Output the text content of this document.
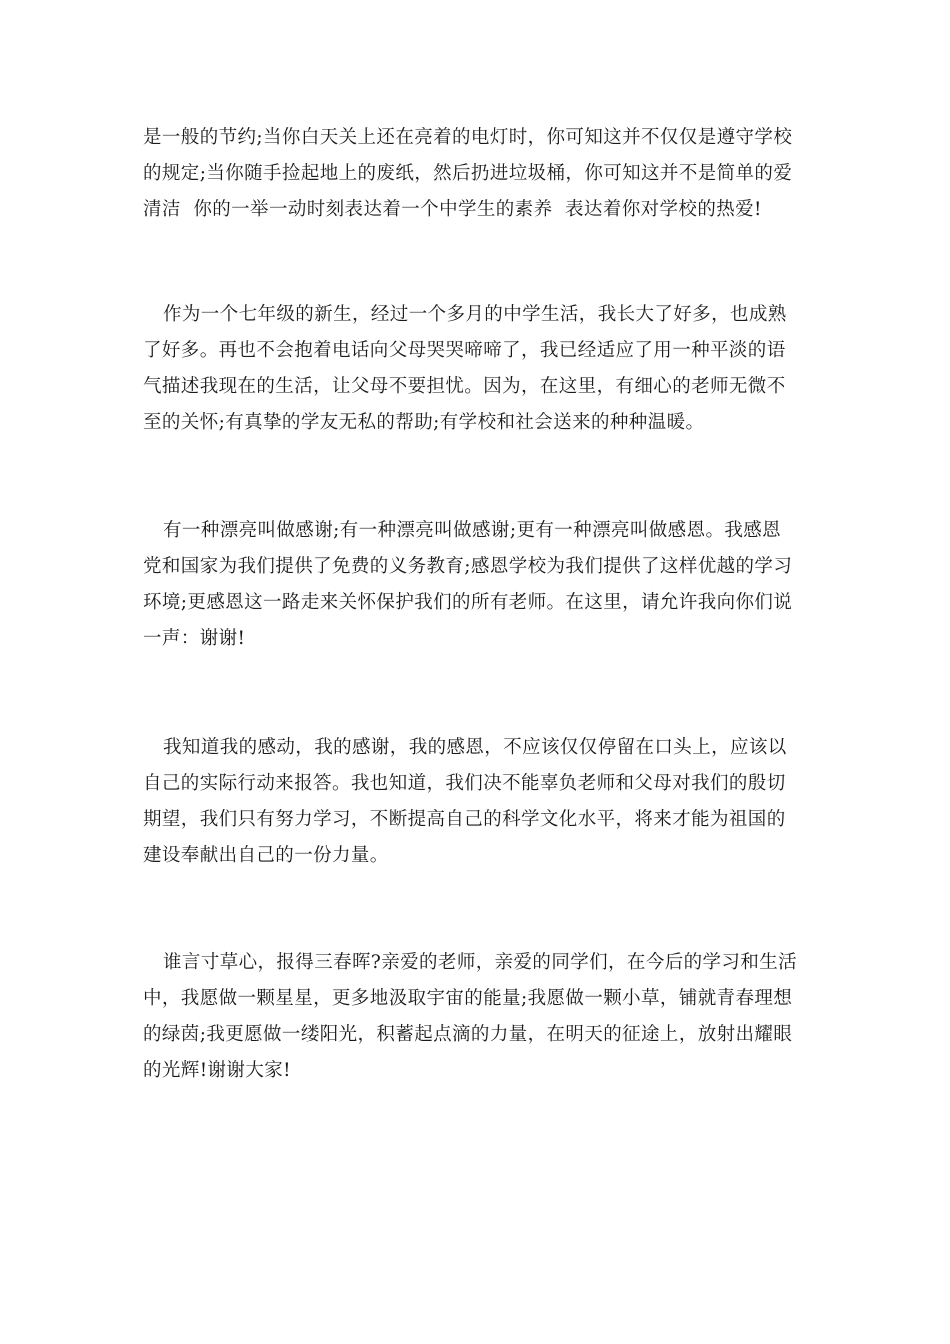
是一般的节约;当你白天关上还在亮着的电灯时，你可知这并不仅仅是遵守学校
的规定;当你随手捡起地上的废纸，然后扔进垃圾桶，你可知这并不是简单的爱
清洁  你的一举一动时刻表达着一个中学生的素养  表达着你对学校的热爱!
作为一个七年级的新生，经过一个多月的中学生活，我长大了好多，也成熟
了好多。再也不会抱着电话向父母哭哭啼啼了，我已经适应了用一种平淡的语
气描述我现在的生活，让父母不要担忧。因为，在这里，有细心的老师无微不
至的关怀;有真挚的学友无私的帮助;有学校和社会送来的种种温暖。
有一种漂亮叫做感谢;有一种漂亮叫做感谢;更有一种漂亮叫做感恩。我感恩
党和国家为我们提供了免费的义务教育;感恩学校为我们提供了这样优越的学习
环境;更感恩这一路走来关怀保护我们的所有老师。在这里，请允许我向你们说
一声：谢谢!
我知道我的感动，我的感谢，我的感恩，不应该仅仅停留在口头上，应该以
自己的实际行动来报答。我也知道，我们决不能辜负老师和父母对我们的殷切
期望，我们只有努力学习，不断提高自己的科学文化水平，将来才能为祖国的
建设奉献出自己的一份力量。
谁言寸草心，报得三春晖?亲爱的老师，亲爱的同学们，在今后的学习和生活
中，我愿做一颗星星，更多地汲取宇宙的能量;我愿做一颗小草，铺就青春理想
的绿茵;我更愿做一缕阳光，积蓄起点滴的力量，在明天的征途上，放射出耀眼
的光辉!谢谢大家!
